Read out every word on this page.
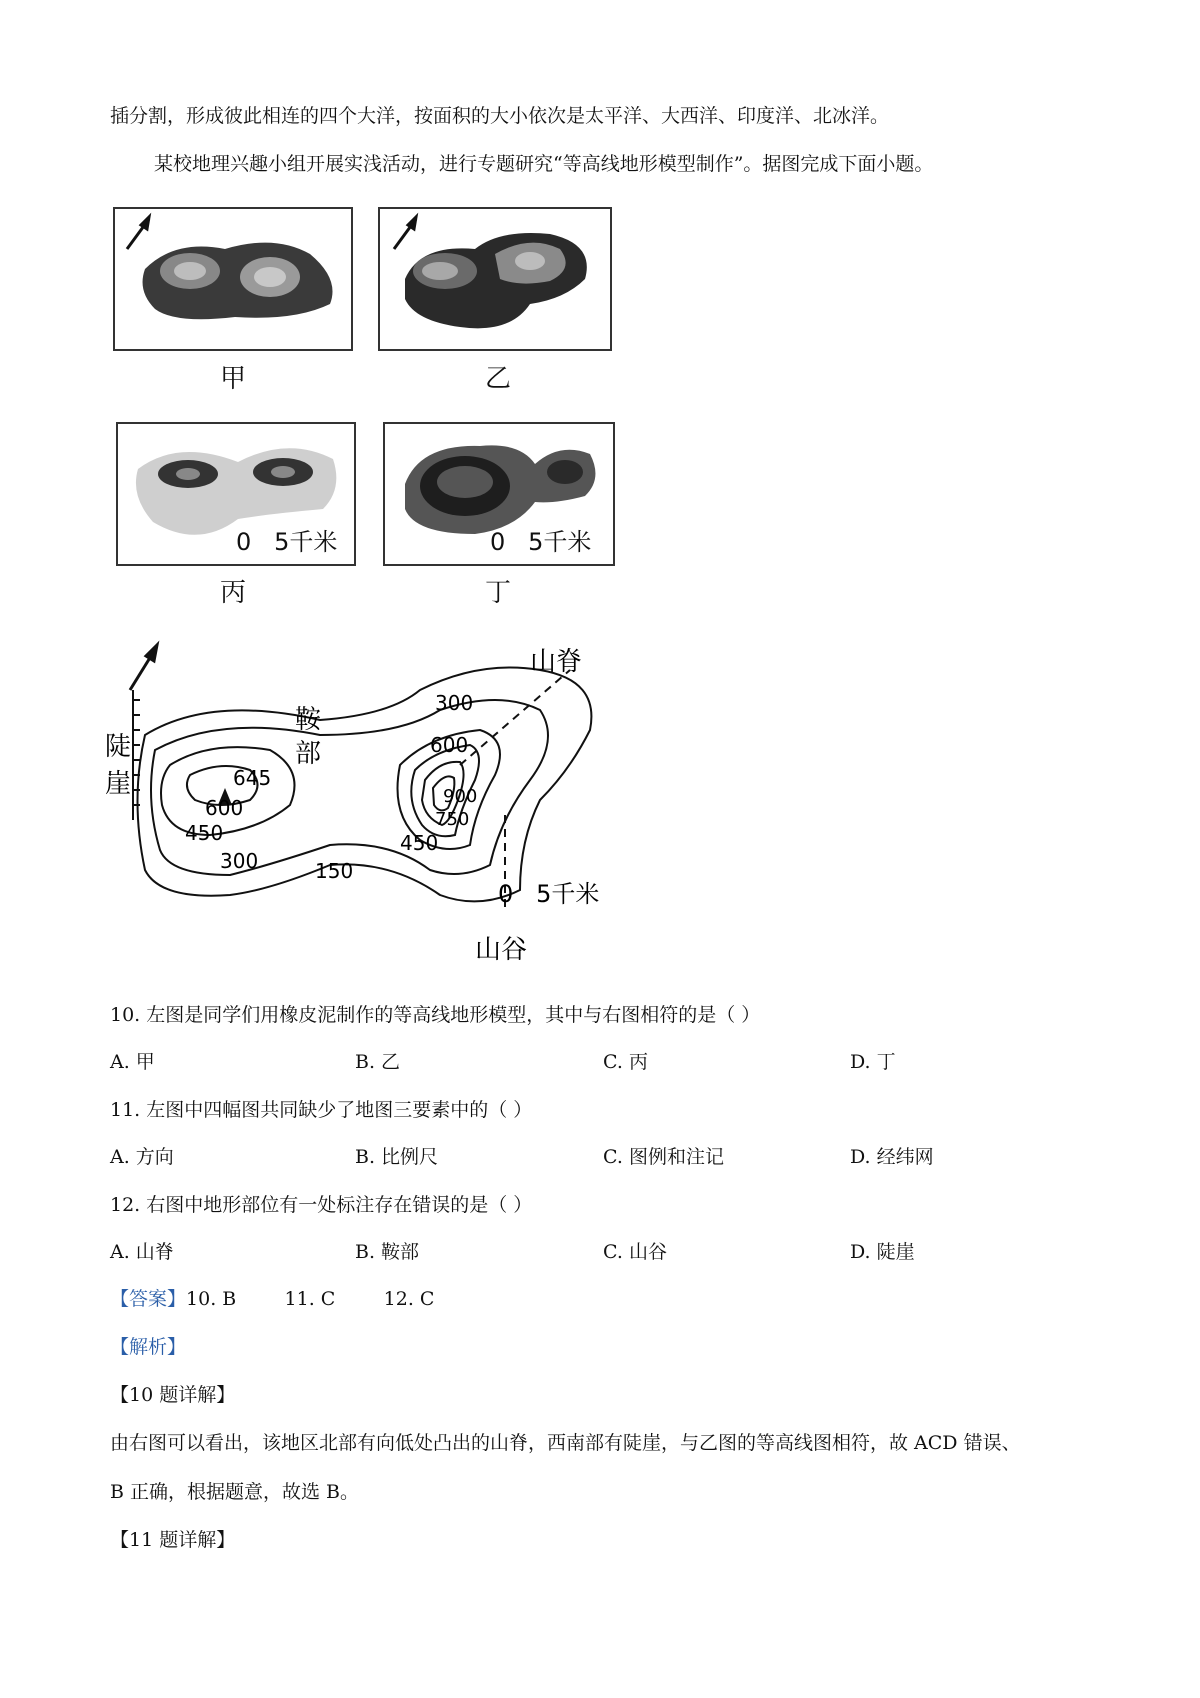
插分割，形成彼此相连的四个大洋，按面积的大小依次是太平洋、大西洋、印度洋、北冰洋。
某校地理兴趣小组开展实浅活动，进行专题研究“等高线地形模型制作”。据图完成下面小题。
0   5千米	0   5千米
甲	乙
丙	丁
645
山脊
鞍
部
陡
崖
山谷
300
600
600
450
900
750
450
300	150
0   5千米
10. 左图是同学们用橡皮泥制作的等高线地形模型，其中与右图相符的是（ ）
A. 甲	B. 乙	C. 丙	D. 丁
11. 左图中四幅图共同缺少了地图三要素中的（ ）
A. 方向	B. 比例尺	C. 图例和注记	D. 经纬网
12. 右图中地形部位有一处标注存在错误的是（ ）
A. 山脊	B. 鞍部	C. 山谷	D. 陡崖
【答案】10. B        11. C        12. C
【解析】
【10 题详解】
由右图可以看出，该地区北部有向低处凸出的山脊，西南部有陡崖，与乙图的等高线图相符，故 ACD 错误、
B 正确，根据题意，故选 B。
【11 题详解】
